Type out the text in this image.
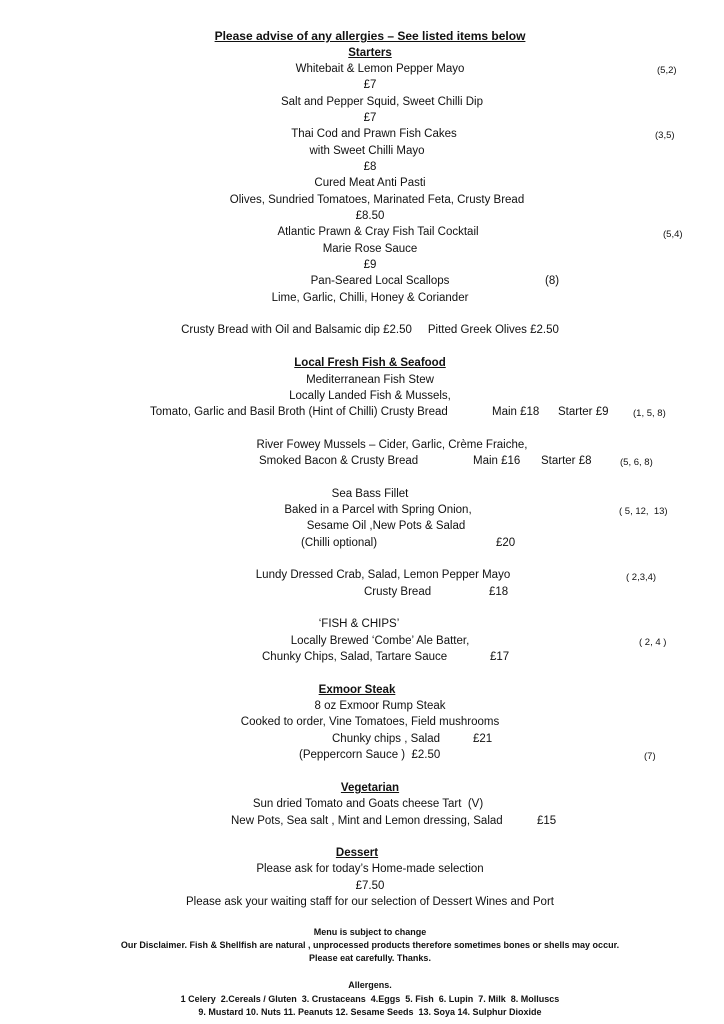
Please advise of any allergies – See listed items below
Starters
Whitebait & Lemon Pepper Mayo	(5,2)
£7
Salt and Pepper Squid, Sweet Chilli Dip
£7
Thai Cod and Prawn Fish Cakes	(3,5)
with Sweet Chilli Mayo
£8
Cured Meat Anti Pasti
Olives, Sundried Tomatoes, Marinated Feta, Crusty Bread
£8.50
Atlantic Prawn & Cray Fish Tail Cocktail	(5,4)
Marie Rose Sauce
£9
Pan-Seared Local Scallops	(8)
Lime, Garlic, Chilli, Honey & Coriander
Crusty Bread with Oil and Balsamic dip £2.50     Pitted Greek Olives £2.50
Local Fresh Fish & Seafood
Mediterranean Fish Stew
Locally Landed Fish & Mussels,
Tomato, Garlic and Basil Broth (Hint of Chilli) Crusty Bread	Main £18 Starter £9	(1, 5, 8)
River Fowey Mussels – Cider, Garlic, Crème Fraiche,
Smoked Bacon & Crusty Bread	Main £16 Starter £8	(5, 6, 8)
Sea Bass Fillet
Baked in a Parcel with Spring Onion,	( 5, 12,  13)
Sesame Oil ,New Pots & Salad
(Chilli optional)	£20
Lundy Dressed Crab, Salad, Lemon Pepper Mayo	( 2,3,4)
Crusty Bread	£18
‘FISH & CHIPS’
Locally Brewed ‘Combe’ Ale Batter,	( 2, 4 )
Chunky Chips, Salad, Tartare Sauce	£17
Exmoor Steak
8 oz Exmoor Rump Steak
Cooked to order, Vine Tomatoes, Field mushrooms
Chunky chips , Salad	£21
(Peppercorn Sauce )  £2.50	(7)
Vegetarian
Sun dried Tomato and Goats cheese Tart  (V)
New Pots, Sea salt , Mint and Lemon dressing, Salad	£15
Dessert
Please ask for today’s Home-made selection
£7.50
Please ask your waiting staff for our selection of Dessert Wines and Port
Menu is subject to change
Our Disclaimer. Fish & Shellfish are natural , unprocessed products therefore sometimes bones or shells may occur.
Please eat carefully. Thanks.
Allergens.
1 Celery  2.Cereals / Gluten  3. Crustaceans  4.Eggs  5. Fish  6. Lupin  7. Milk  8. Molluscs
9. Mustard 10. Nuts 11. Peanuts 12. Sesame Seeds  13. Soya 14. Sulphur Dioxide
